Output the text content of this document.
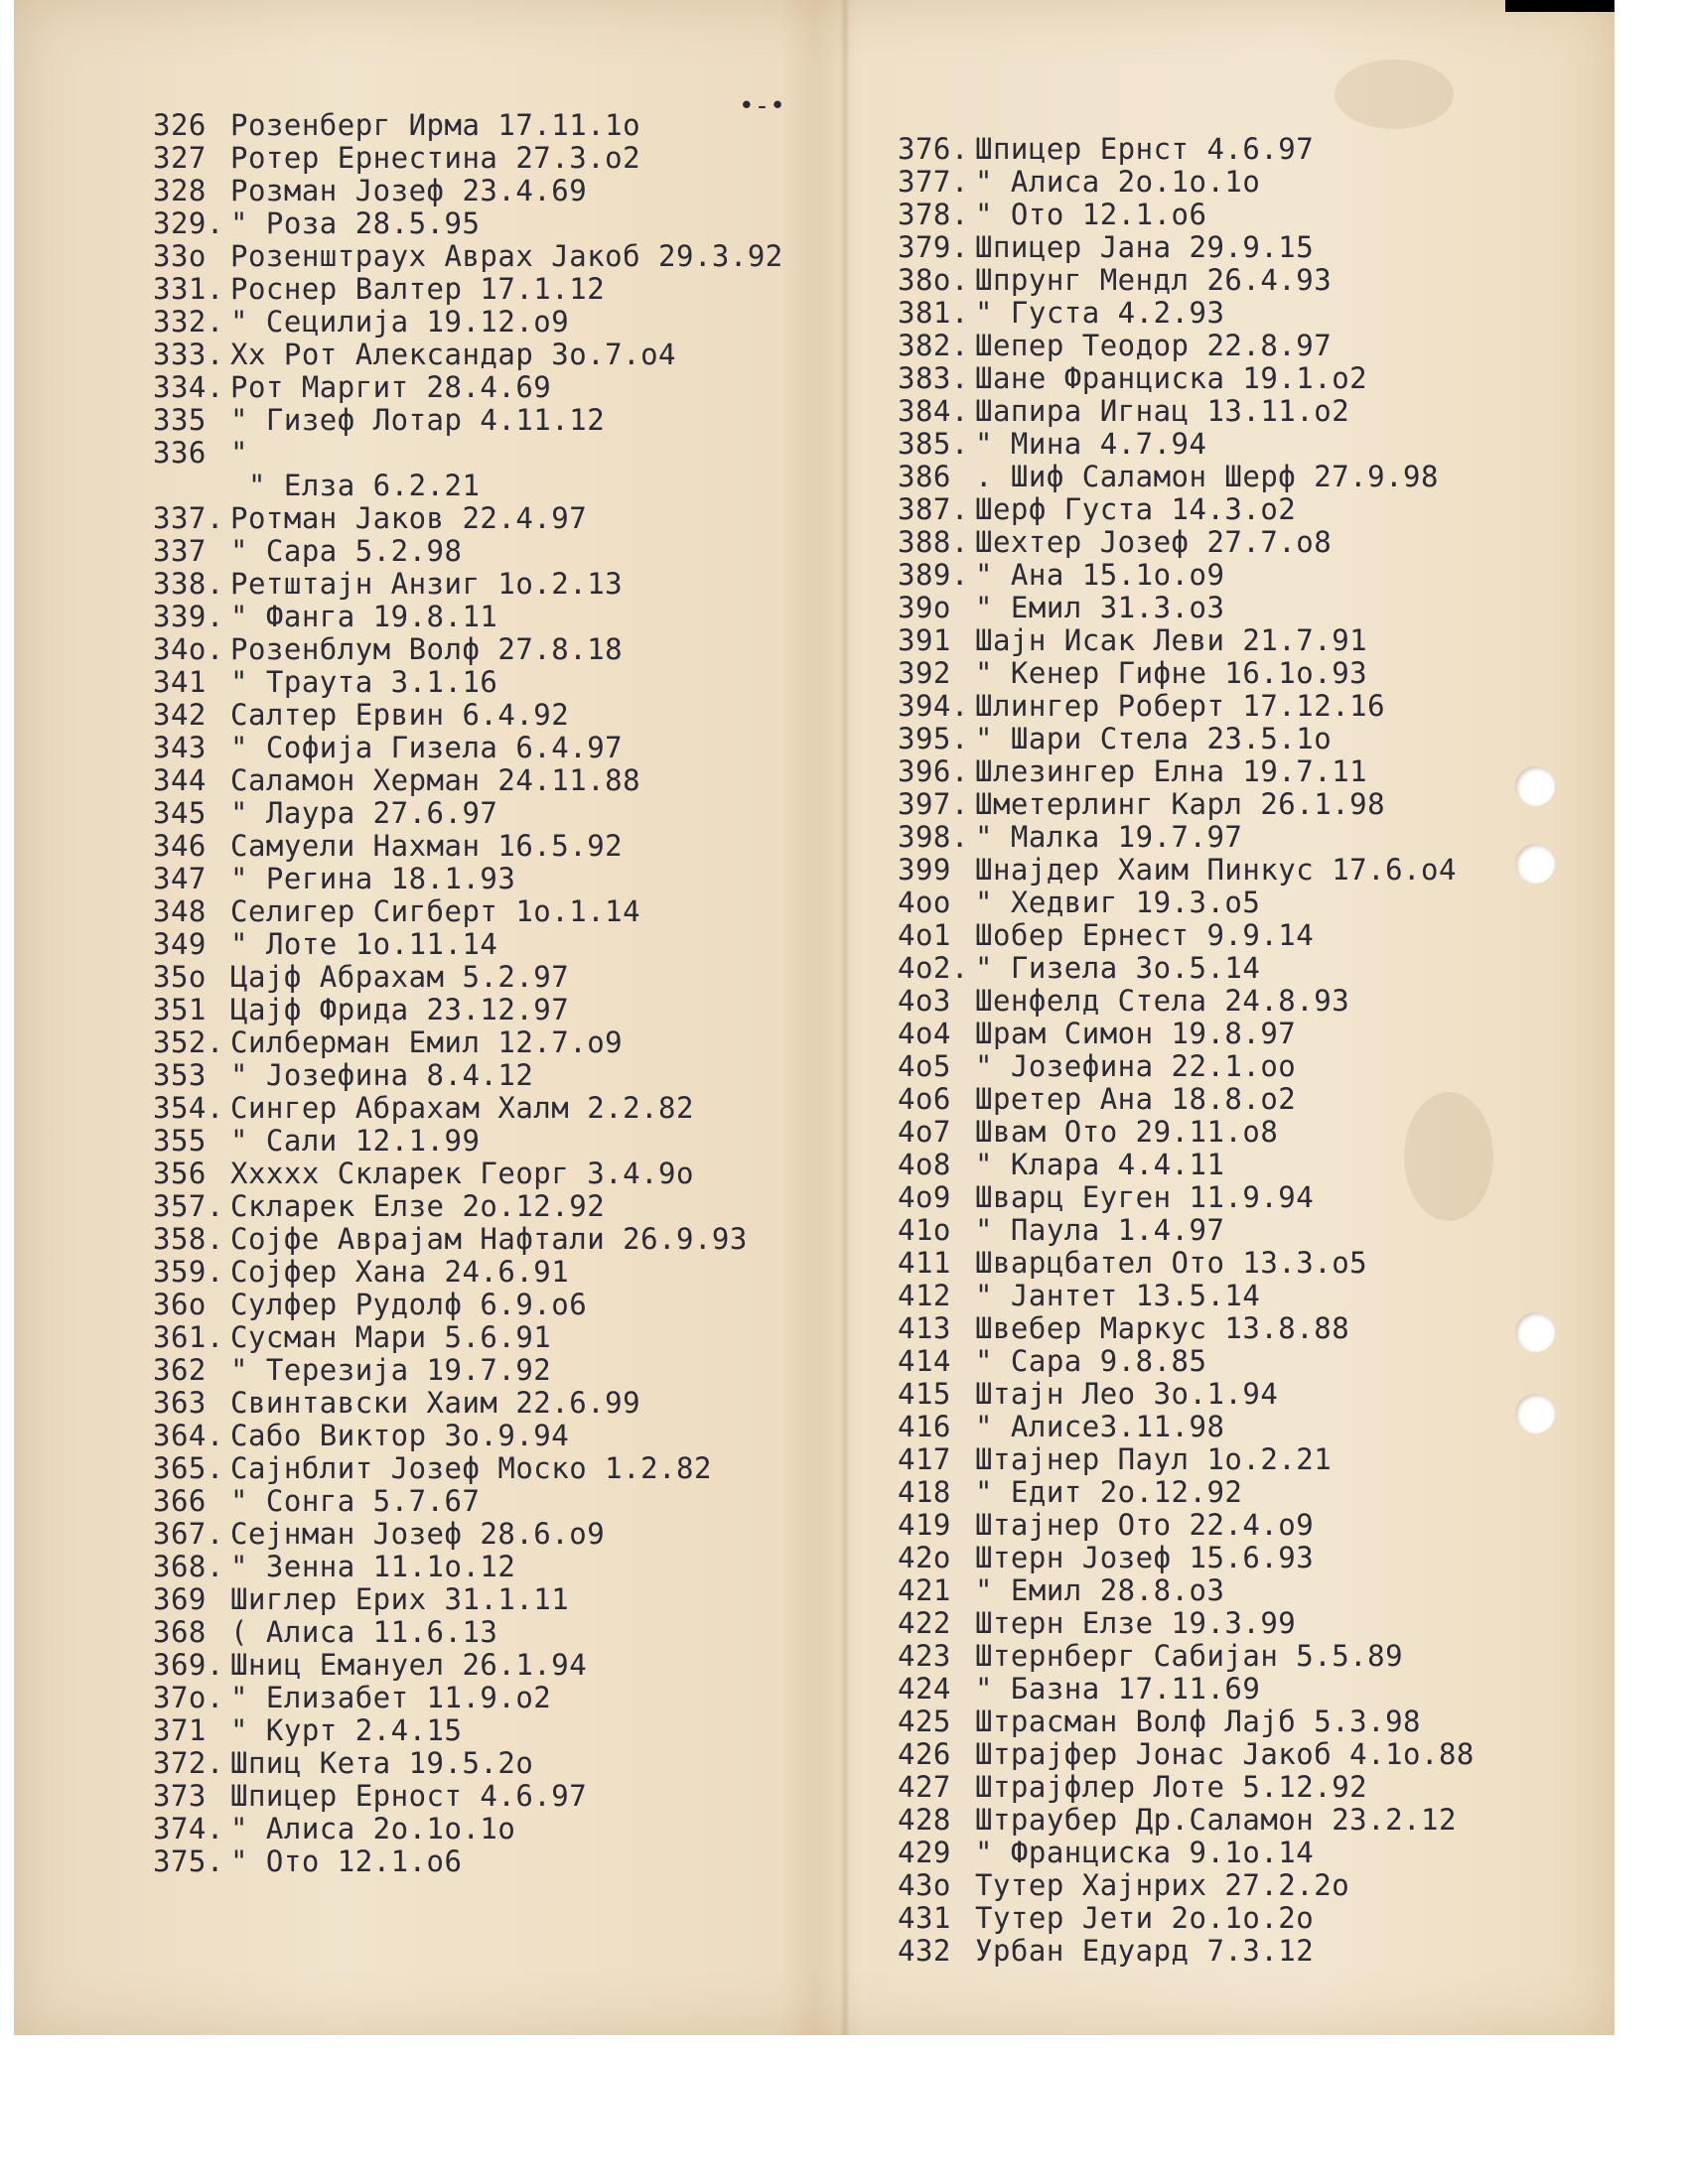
•-•
326 Розенберг Ирма 17.11.1o
327 Ротер Ернестина 27.3.o2
328 Розман Јозеф 23.4.69
329. " Роза 28.5.95
33o Розенштраух Аврах Јакоб 29.3.92
331. Роснер Валтер 17.1.12
332. " Сецилија 19.12.o9
333. Хх Рот Александар 3o.7.o4
334. Рот Маргит 28.4.69
335 " Гизеф Лотар 4.11.12
336 "
" Елза 6.2.21
337. Ротман Јаков 22.4.97
337 " Сара 5.2.98
338. Ретштајн Анзиг 1o.2.13
339. " Фанга 19.8.11
34o. Розенблум Волф 27.8.18
341 " Траута 3.1.16
342 Салтер Ервин 6.4.92
343 " Софија Гизела 6.4.97
344 Саламон Херман 24.11.88
345 " Лаура 27.6.97
346 Самуели Нахман 16.5.92
347 " Регина 18.1.93
348 Селигер Сигберт 1o.1.14
349 " Лоте 1o.11.14
35o Цајф Абрахам 5.2.97
351 Цајф Фрида 23.12.97
352. Силберман Емил 12.7.o9
353 " Јозефина 8.4.12
354. Сингер Абрахам Халм 2.2.82
355 " Сали 12.1.99
356 Ххххх Скларек Георг 3.4.9o
357. Скларек Елзе 2o.12.92
358. Сојфе Авраjам Нафтали 26.9.93
359. Сојфер Хана 24.6.91
36o Сулфер Рудолф 6.9.o6
361. Сусман Мари 5.6.91
362 " Терезија 19.7.92
363 Свинтавски Хаим 22.6.99
364. Сабо Виктор 3o.9.94
365. Сајнблит Јозеф Моско 1.2.82
366 " Сонга 5.7.67
367. Сејнман Јозеф 28.6.o9
368. " Зенна 11.1o.12
369 Шиглер Ерих 31.1.11
368 ( Алиса 11.6.13
369. Шниц Емануел 26.1.94
37o. " Елизабет 11.9.o2
371 " Курт 2.4.15
372. Шпиц Кета 19.5.2o
373 Шпицер Ерност 4.6.97
374. " Алиса 2o.1o.1o
375. " Ото 12.1.o6
376. Шпицер Ернст 4.6.97
377. " Алиса 2o.1o.1o
378. " Ото 12.1.o6
379. Шпицер Јана 29.9.15
38o. Шпрунг Мендл 26.4.93
381. " Густа 4.2.93
382. Шепер Теодор 22.8.97
383. Шане Франциска 19.1.o2
384. Шапира Игнац 13.11.o2
385. " Мина 4.7.94
386 . Шиф Саламон Шерф 27.9.98
387. Шерф Густа 14.3.o2
388. Шехтер Јозеф 27.7.o8
389. " Ана 15.1o.o9
39o " Емил 31.3.o3
391 Шајн Исак Леви 21.7.91
392 " Кенер Гифне 16.1o.93
394. Шлингер Роберт 17.12.16
395. " Шари Стела 23.5.1o
396. Шлезингер Елна 19.7.11
397. Шметерлинг Карл 26.1.98
398. " Малка 19.7.97
399 Шнајдер Хаим Пинкус 17.6.o4
4oo " Хедвиг 19.3.o5
4o1 Шобер Ернест 9.9.14
4o2. " Гизела 3o.5.14
4o3 Шенфелд Стела 24.8.93
4o4 Шрам Симон 19.8.97
4o5 " Јозефина 22.1.oo
4o6 Шретер Ана 18.8.o2
4o7 Швам Ото 29.11.o8
4o8 " Клара 4.4.11
4o9 Шварц Еуген 11.9.94
41o " Паула 1.4.97
411 Шварцбател Ото 13.3.o5
412 " Јантет 13.5.14
413 Швебер Маркус 13.8.88
414 " Сара 9.8.85
415 Штајн Лео 3o.1.94
416 " Алисе3.11.98
417 Штајнер Паул 1o.2.21
418 " Едит 2o.12.92
419 Штајнер Ото 22.4.o9
42o Штерн Јозеф 15.6.93
421 " Емил 28.8.o3
422 Штерн Елзе 19.3.99
423 Штернберг Сабијан 5.5.89
424 " Базна 17.11.69
425 Штрасман Волф Лајб 5.3.98
426 Штрајфер Јонас Јакоб 4.1o.88
427 Штрајфлер Лоте 5.12.92
428 Штраубер Др.Саламон 23.2.12
429 " Франциска 9.1o.14
43o Тутер Хајнрих 27.2.2o
431 Тутер Јети 2o.1o.2o
432 Урбан Едуард 7.3.12
